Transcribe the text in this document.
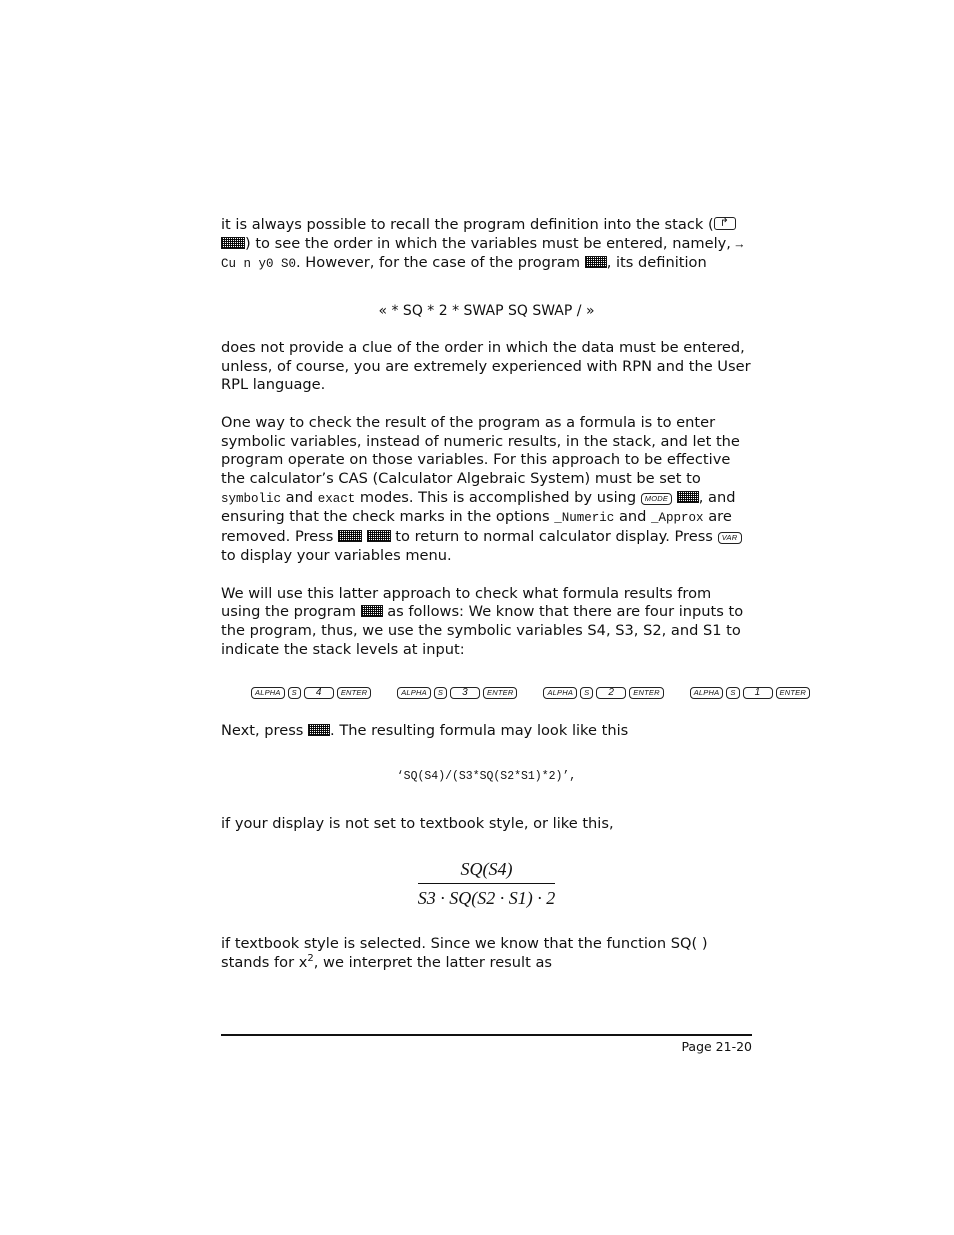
it is always possible to recall the program definition into the stack (↱ ) to see the order in which the variables must be entered, namely, → Cu n y0 S0. However, for the case of the program , its definition

« * SQ * 2 * SWAP SQ SWAP / »

does not provide a clue of the order in which the data must be entered, unless, of course, you are extremely experienced with RPN and the User RPL language.

One way to check the result of the program as a formula is to enter symbolic variables, instead of numeric results, in the stack, and let the program operate on those variables. For this approach to be effective the calculator’s CAS (Calculator Algebraic System) must be set to symbolic and exact modes. This is accomplished by using MODE , and ensuring that the check marks in the options _Numeric and _Approx are removed. Press	to return to normal calculator display. Press VAR to display your variables menu.

We will use this latter approach to check what formula results from using the program  as follows: We know that there are four inputs to the program, thus, we use the symbolic variables S4, S3, S2, and S1 to indicate the stack levels at input:

ALPHA	S	4	ENTER	ALPHA	S	3	ENTER	ALPHA	S	2	ENTER	ALPHA	S	1	ENTER

Next, press . The resulting formula may look like this

‘SQ(S4)/(S3*SQ(S2*S1)*2)’,

if your display is not set to textbook style, or like this,

$\frac{SQ(S4)}{S3 \cdot SQ(S2 \cdot S1) \cdot 2}$

if textbook style is selected. Since we know that the function SQ( ) stands for $x^2$, we interpret the latter result as

Page 21-20
